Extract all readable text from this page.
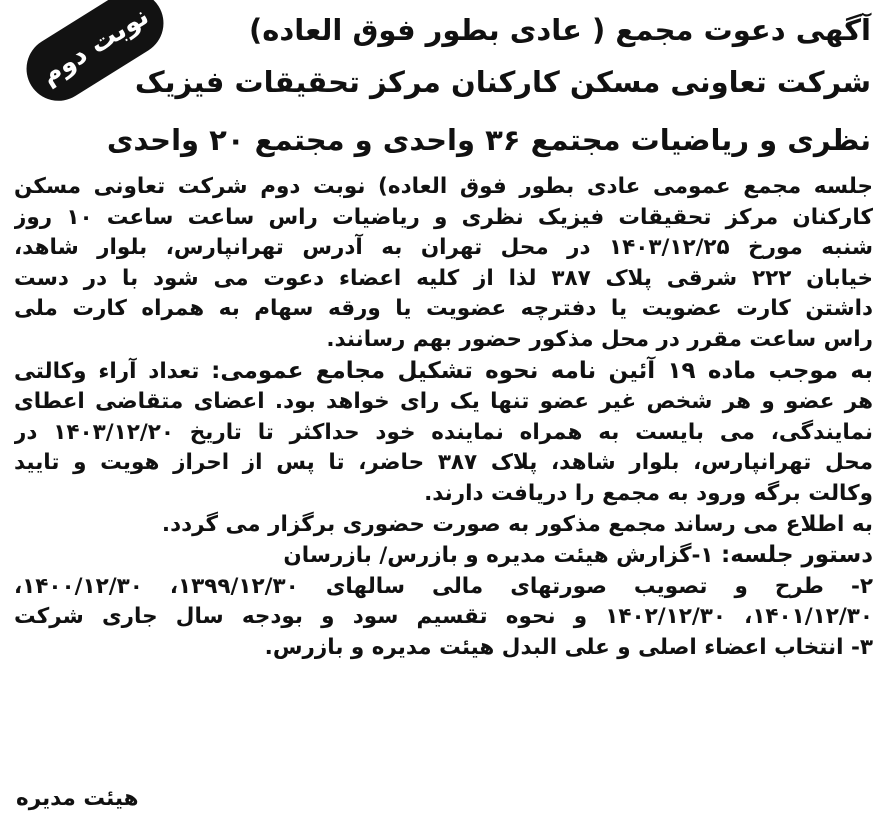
نوبت دوم	آگهی دعوت مجمع ( عادی بطور فوق العاده)
شرکت تعاونی مسکن کارکنان مرکز تحقیقات فیزیک
نظری و ریاضیات مجتمع ۳۶ واحدی و مجتمع ۲۰ واحدی
جلسه مجمع عمومی عادی بطور فوق العاده) نوبت دوم شرکت تعاونی مسکن
کارکنان مرکز تحقیقات فیزیک نظری و ریاضیات راس ساعت ساعت ۱۰ روز
شنبه مورخ ۱۴۰۳/۱۲/۲۵ در محل تهران به آدرس تهرانپارس، بلوار شاهد،
خیابان ۲۲۲ شرقی پلاک ۳۸۷ لذا از کلیه اعضاء دعوت می شود با در دست
داشتن کارت عضویت یا دفترچه عضویت یا ورقه سهام به همراه کارت ملی
راس ساعت مقرر در محل مذکور حضور بهم رسانند.
به موجب ماده ۱۹ آئین نامه نحوه تشکیل مجامع عمومی: تعداد آراء وکالتی
هر عضو و هر شخص غیر عضو تنها یک رای خواهد بود. اعضای متقاضی اعطای
نمایندگی، می بایست به همراه نماینده خود حداکثر تا تاریخ ۱۴۰۳/۱۲/۲۰ در
محل تهرانپارس، بلوار شاهد، پلاک ۳۸۷ حاضر، تا پس از احراز هویت و تایید
وکالت برگه ورود به مجمع را دریافت دارند.
به اطلاع می رساند مجمع مذکور به صورت حضوری برگزار می گردد.
دستور جلسه: ۱-گزارش هیئت مدیره و بازرس/ بازرسان
۲- طرح و تصویب صورتهای مالی سالهای ۱۳۹۹/۱۲/۳۰، ۱۴۰۰/۱۲/۳۰،
۱۴۰۱/۱۲/۳۰، ۱۴۰۲/۱۲/۳۰ و نحوه تقسیم سود و بودجه سال جاری شرکت
۳- انتخاب اعضاء اصلی و علی البدل هیئت مدیره و بازرس.
هیئت مدیره
